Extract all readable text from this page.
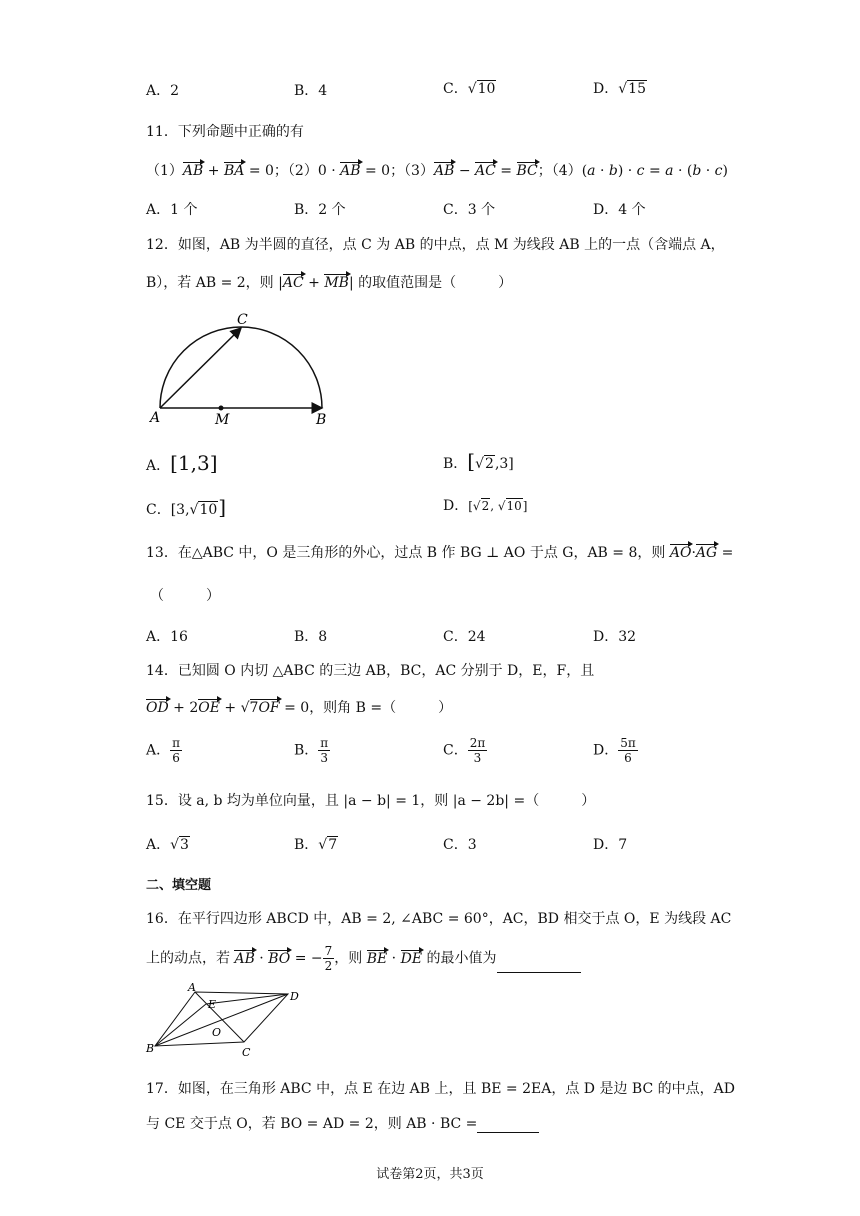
A．2	B．4	C．√10	D．√15
11．下列命题中正确的有
（1）AB + BA = 0；（2）0 · AB = 0；（3）AB − AC = BC；（4）(a · b) · c = a · (b · c)
A．1 个	B．2 个	C．3 个	D．4 个
12．如图，AB 为半圆的直径，点 C 为 AB 的中点，点 M 为线段 AB 上的一点（含端点 A，
B），若 AB = 2，则 |AC + MB| 的取值范围是（　　　）
A	M	B
C
A．[1,3]	B．[√2,3]
C．[3,√10]	D．[√2, √10]
13．在△ABC 中，O 是三角形的外心，过点 B 作 BG ⊥ AO 于点 G，AB = 8，则 AO·AG =
（　　　）
A．16	B．8	C．24	D．32
14．已知圆 O 内切 △ABC 的三边 AB，BC，AC 分别于 D，E，F，且
OD + 2OE + √7OF = 0，则角 B =（　　　）
A． $\frac{\pi}{6}$	B． $\frac{\pi}{3}$	C． $\frac{2\pi}{3}$	D． $\frac{5\pi}{6}$
15．设 a, b 均为单位向量，且 |a − b| = 1，则 |a − 2b| =（　　　）
A．√3	B．√7	C．3	D．7
二、填空题
16．在平行四边形 ABCD 中，AB = 2, ∠ABC = 60°，AC，BD 相交于点 O，E 为线段 AC
上的动点，若 AB · BO = − $\frac{7}{2}$ ，则 BE · DE 的最小值为
A
D
B	C
E
O
17．如图，在三角形 ABC 中，点 E 在边 AB 上，且 BE = 2EA，点 D 是边 BC 的中点，AD
与 CE 交于点 O，若 BO = AD = 2，则 AB · BC =
试卷第2页，共3页
